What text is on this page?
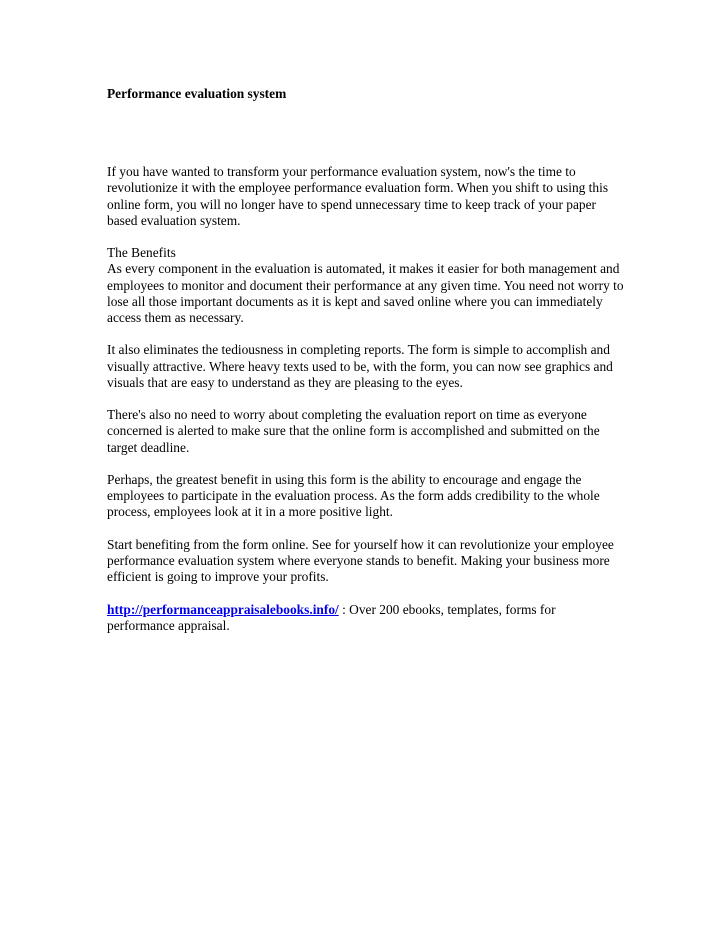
Performance evaluation system

If you have wanted to transform your performance evaluation system, now's the time to revolutionize it with the employee performance evaluation form. When you shift to using this online form, you will no longer have to spend unnecessary time to keep track of your paper based evaluation system.

The Benefits
As every component in the evaluation is automated, it makes it easier for both management and employees to monitor and document their performance at any given time. You need not worry to lose all those important documents as it is kept and saved online where you can immediately access them as necessary.

It also eliminates the tediousness in completing reports. The form is simple to accomplish and visually attractive. Where heavy texts used to be, with the form, you can now see graphics and visuals that are easy to understand as they are pleasing to the eyes.

There's also no need to worry about completing the evaluation report on time as everyone concerned is alerted to make sure that the online form is accomplished and submitted on the target deadline.

Perhaps, the greatest benefit in using this form is the ability to encourage and engage the employees to participate in the evaluation process. As the form adds credibility to the whole process, employees look at it in a more positive light.

Start benefiting from the form online. See for yourself how it can revolutionize your employee performance evaluation system where everyone stands to benefit. Making your business more efficient is going to improve your profits.

http://performanceappraisalebooks.info/ : Over 200 ebooks, templates, forms for performance appraisal.
